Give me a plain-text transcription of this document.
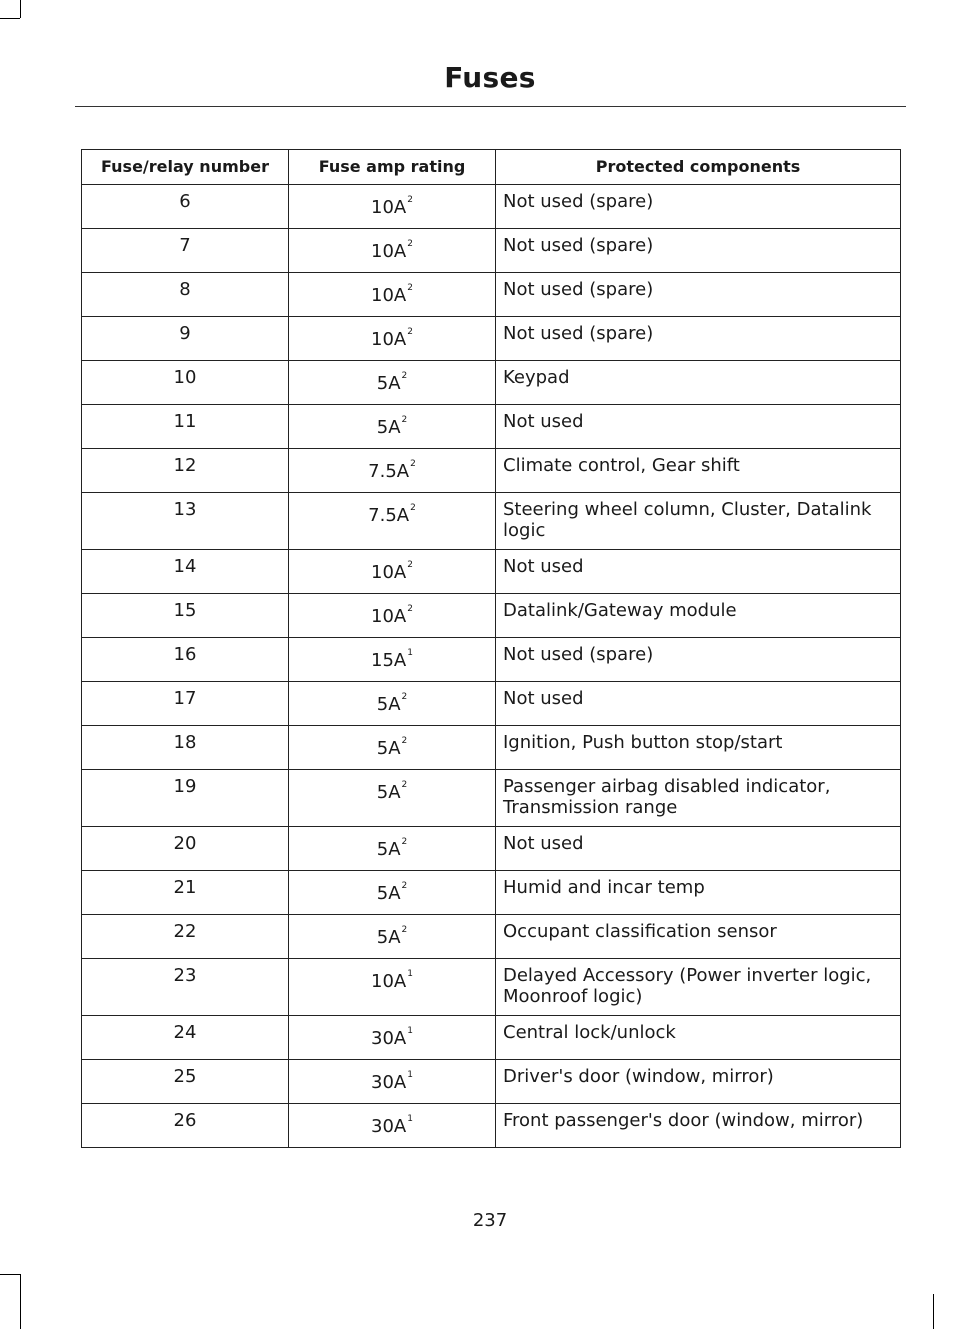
Fuses
Fuse/relay number	Fuse amp rating	Protected components
6	$10A^2$	Not used (spare)
7	$10A^2$	Not used (spare)
8	$10A^2$	Not used (spare)
9	$10A^2$	Not used (spare)
10	$5A^2$	Keypad
11	$5A^2$	Not used
12	$7.5A^2$	Climate control, Gear shift
13	$7.5A^2$	Steering wheel column, Cluster, Datalink logic
14	$10A^2$	Not used
15	$10A^2$	Datalink/Gateway module
16	$15A^1$	Not used (spare)
17	$5A^2$	Not used
18	$5A^2$	Ignition, Push button stop/start
19	$5A^2$	Passenger airbag disabled indicator, Transmission range
20	$5A^2$	Not used
21	$5A^2$	Humid and incar temp
22	$5A^2$	Occupant classification sensor
23	$10A^1$	Delayed Accessory (Power inverter logic, Moonroof logic)
24	$30A^1$	Central lock/unlock
25	$30A^1$	Driver's door (window, mirror)
26	$30A^1$	Front passenger's door (window, mirror)
237
